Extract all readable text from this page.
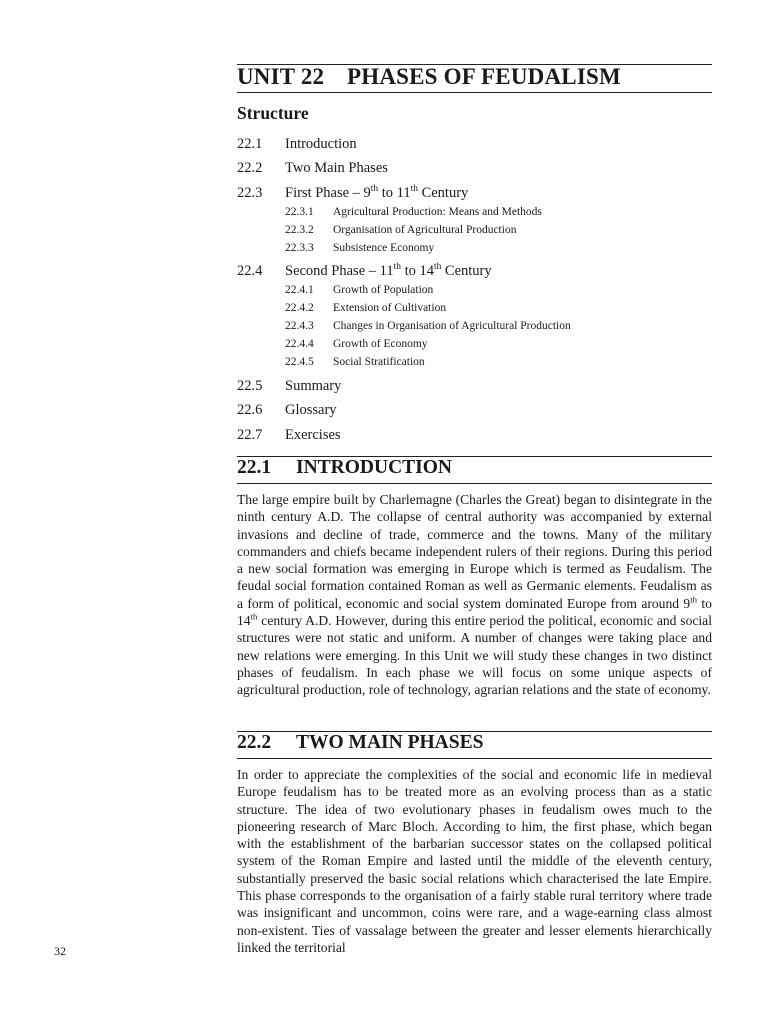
UNIT 22 PHASES OF FEUDALISM
Structure
22.1 Introduction
22.2 Two Main Phases
22.3 First Phase – 9th to 11th Century
22.3.1 Agricultural Production: Means and Methods
22.3.2 Organisation of Agricultural Production
22.3.3 Subsistence Economy
22.4 Second Phase – 11th to 14th Century
22.4.1 Growth of Population
22.4.2 Extension of Cultivation
22.4.3 Changes in Organisation of Agricultural Production
22.4.4 Growth of Economy
22.4.5 Social Stratification
22.5 Summary
22.6 Glossary
22.7 Exercises
22.1 INTRODUCTION

The large empire built by Charlemagne (Charles the Great) began to disintegrate in the ninth century A.D. The collapse of central authority was accompanied by external invasions and decline of trade, commerce and the towns. Many of the military commanders and chiefs became independent rulers of their regions. During this period a new social formation was emerging in Europe which is termed as Feudalism. The feudal social formation contained Roman as well as Germanic elements. Feudalism as a form of political, economic and social system dominated Europe from around 9th to 14th century A.D. However, during this entire period the political, economic and social structures were not static and uniform. A number of changes were taking place and new relations were emerging. In this Unit we will study these changes in two distinct phases of feudalism. In each phase we will focus on some unique aspects of agricultural production, role of technology, agrarian relations and the state of economy.

22.2 TWO MAIN PHASES

In order to appreciate the complexities of the social and economic life in medieval Europe feudalism has to be treated more as an evolving process than as a static structure. The idea of two evolutionary phases in feudalism owes much to the pioneering research of Marc Bloch. According to him, the first phase, which began with the establishment of the barbarian successor states on the collapsed political system of the Roman Empire and lasted until the middle of the eleventh century, substantially preserved the basic social relations which characterised the late Empire. This phase corresponds to the organisation of a fairly stable rural territory where trade was insignificant and uncommon, coins were rare, and a wage-earning class almost non-existent. Ties of vassalage between the greater and lesser elements hierarchically linked the territorial

32
